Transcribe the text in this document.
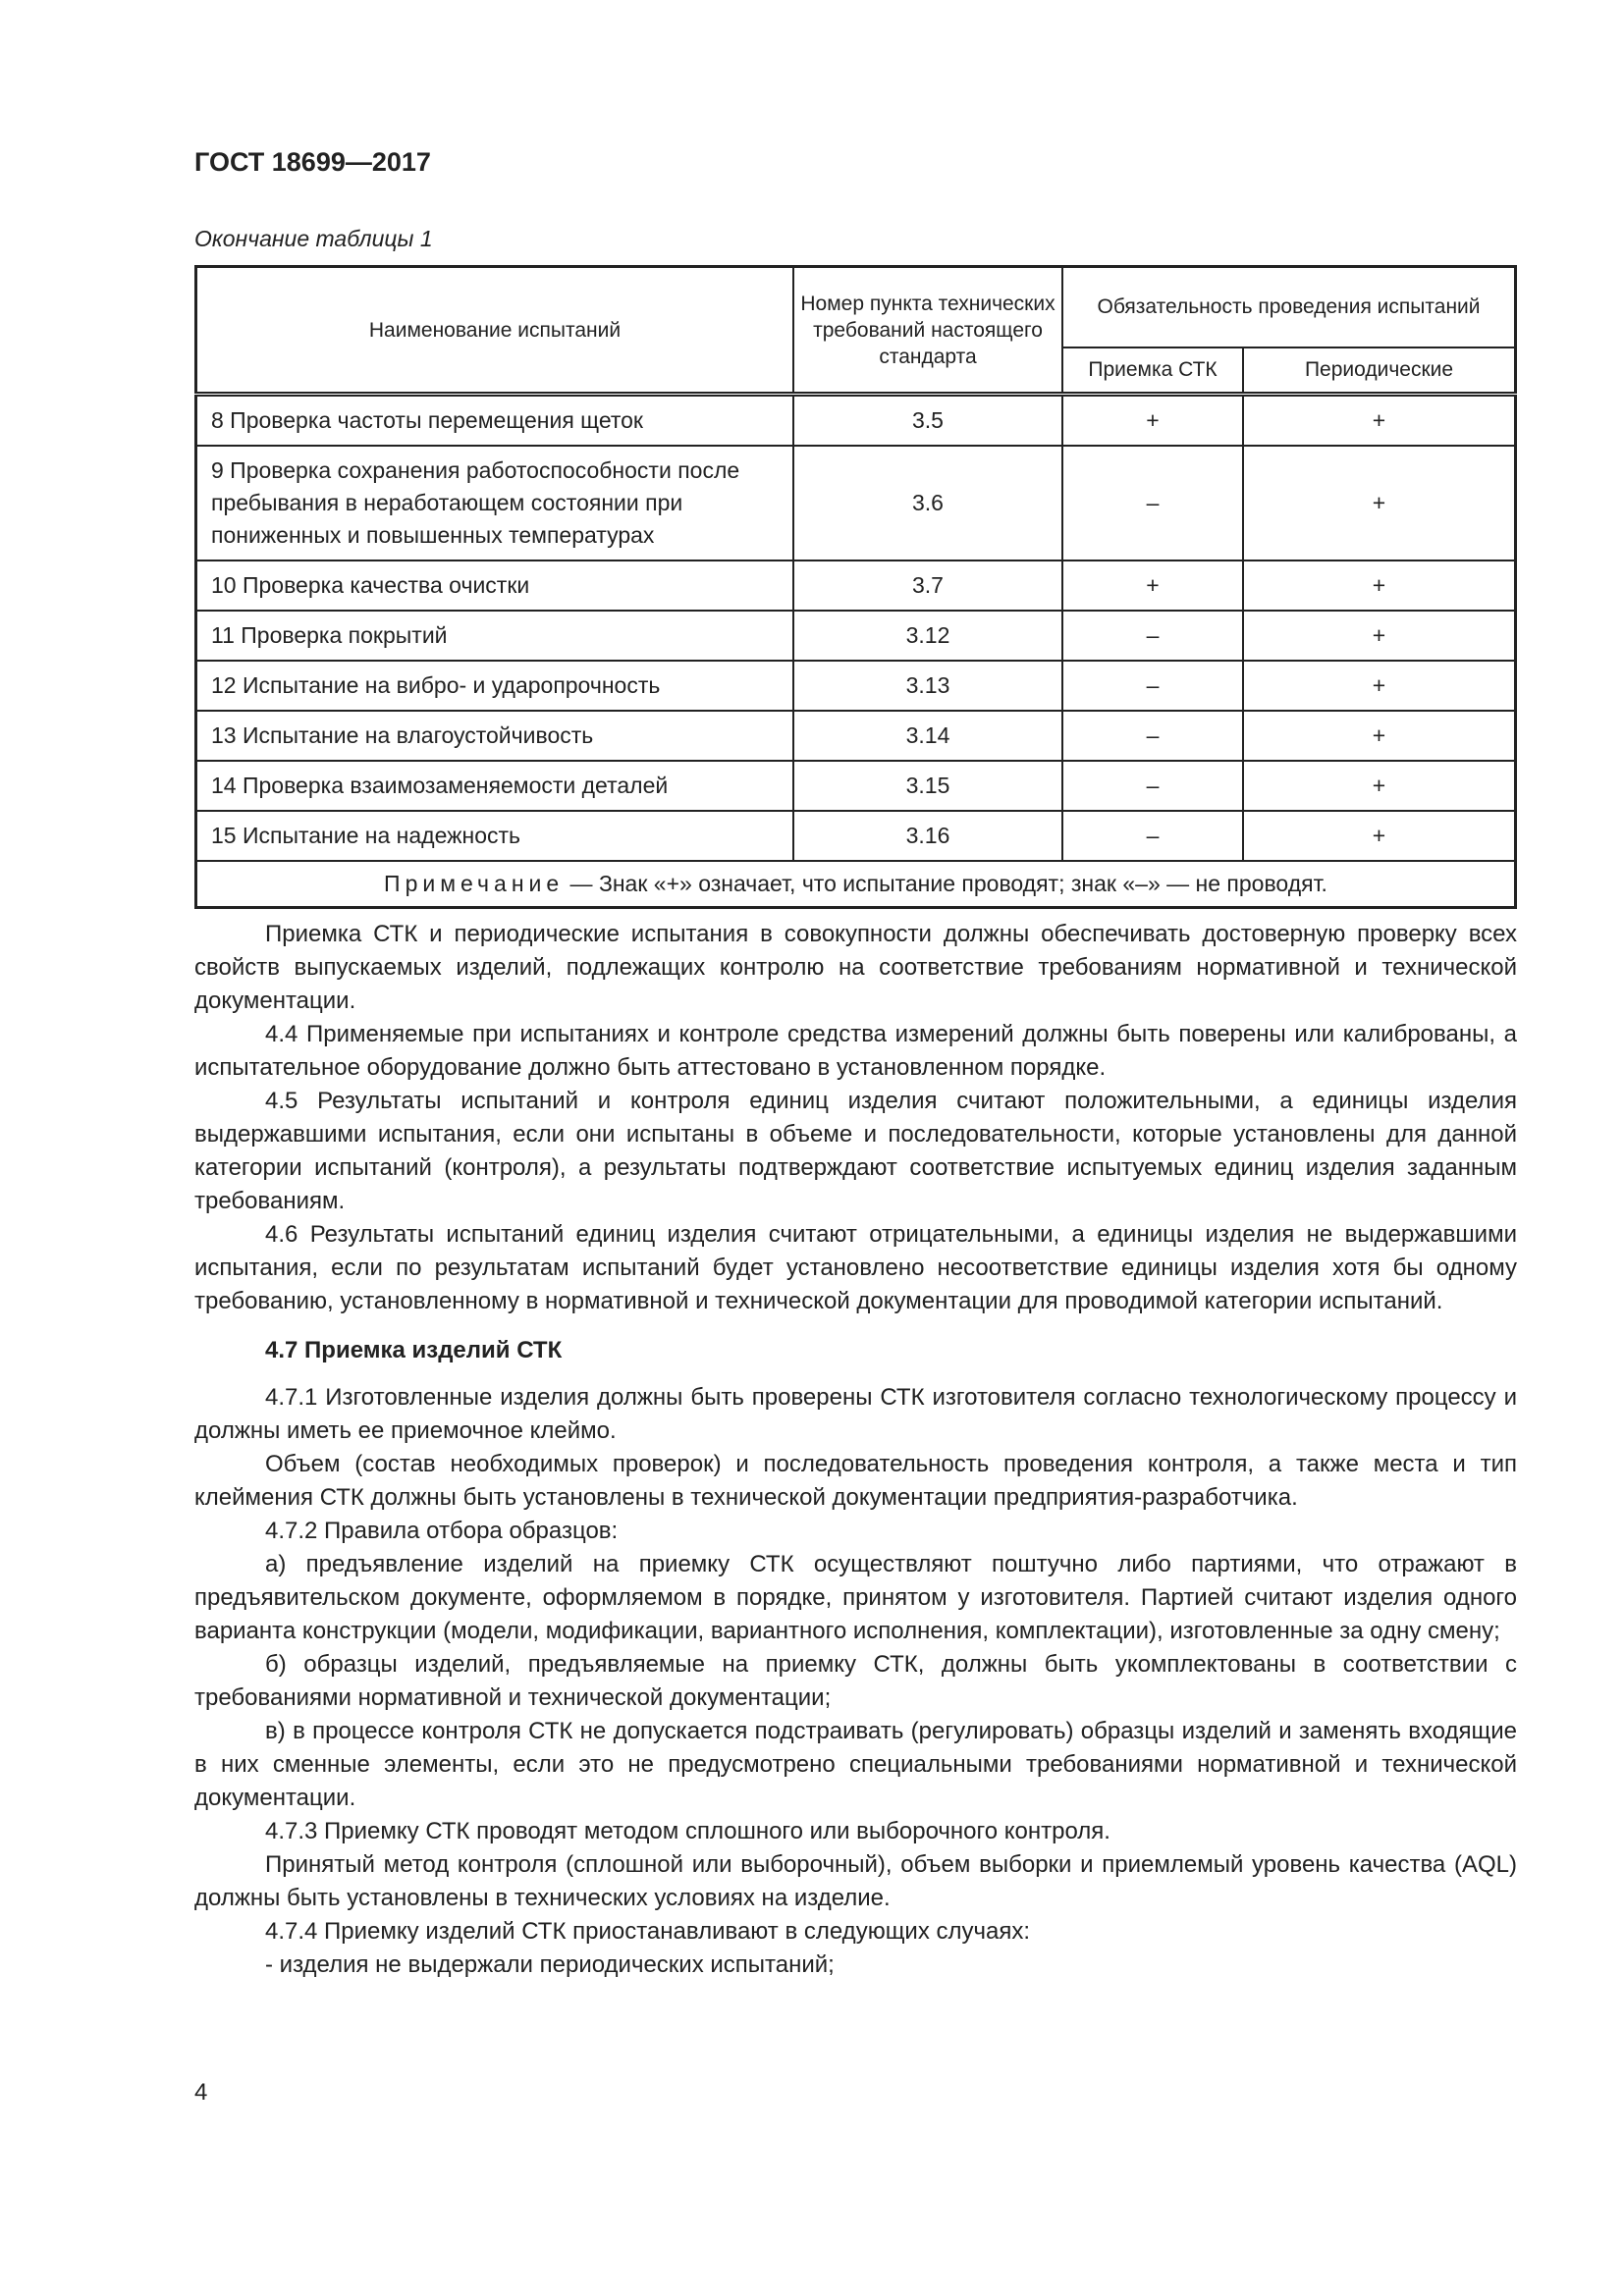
ГОСТ 18699—2017
Окончание таблицы 1
Наименование испытаний	Номер пункта технических требований настоящего стандарта	Обязательность проведения испытаний	
		Приемка СТК	Периодические
8 Проверка частоты перемещения щеток	3.5	+	+
9 Проверка сохранения работоспособности после пребывания в неработающем состоянии при пониженных и повышенных температурах	3.6	–	+
10 Проверка качества очистки	3.7	+	+
11 Проверка покрытий	3.12	–	+
12 Испытание на вибро- и ударопрочность	3.13	–	+
13 Испытание на влагоустойчивость	3.14	–	+
14 Проверка взаимозаменяемости деталей	3.15	–	+
15 Испытание на надежность	3.16	–	+
Примечание — Знак «+» означает, что испытание проводят; знак «–» — не проводят.			

Приемка СТК и периодические испытания в совокупности должны обеспечивать достоверную проверку всех свойств выпускаемых изделий, подлежащих контролю на соответствие требованиям нормативной и технической документации.

4.4 Применяемые при испытаниях и контроле средства измерений должны быть поверены или калиброваны, а испытательное оборудование должно быть аттестовано в установленном порядке.

4.5 Результаты испытаний и контроля единиц изделия считают положительными, а единицы изделия выдержавшими испытания, если они испытаны в объеме и последовательности, которые установлены для данной категории испытаний (контроля), а результаты подтверждают соответствие испытуемых единиц изделия заданным требованиям.

4.6 Результаты испытаний единиц изделия считают отрицательными, а единицы изделия не выдержавшими испытания, если по результатам испытаний будет установлено несоответствие единицы изделия хотя бы одному требованию, установленному в нормативной и технической документации для проводимой категории испытаний.

4.7 Приемка изделий СТК

4.7.1 Изготовленные изделия должны быть проверены СТК изготовителя согласно технологическому процессу и должны иметь ее приемочное клеймо.

Объем (состав необходимых проверок) и последовательность проведения контроля, а также места и тип клеймения СТК должны быть установлены в технической документации предприятия-разработчика.

4.7.2 Правила отбора образцов:

а) предъявление изделий на приемку СТК осуществляют поштучно либо партиями, что отражают в предъявительском документе, оформляемом в порядке, принятом у изготовителя. Партией считают изделия одного варианта конструкции (модели, модификации, вариантного исполнения, комплектации), изготовленные за одну смену;

б) образцы изделий, предъявляемые на приемку СТК, должны быть укомплектованы в соответствии с требованиями нормативной и технической документации;

в) в процессе контроля СТК не допускается подстраивать (регулировать) образцы изделий и заменять входящие в них сменные элементы, если это не предусмотрено специальными требованиями нормативной и технической документации.

4.7.3 Приемку СТК проводят методом сплошного или выборочного контроля.

Принятый метод контроля (сплошной или выборочный), объем выборки и приемлемый уровень качества (AQL) должны быть установлены в технических условиях на изделие.

4.7.4 Приемку изделий СТК приостанавливают в следующих случаях:

- изделия не выдержали периодических испытаний;

4
